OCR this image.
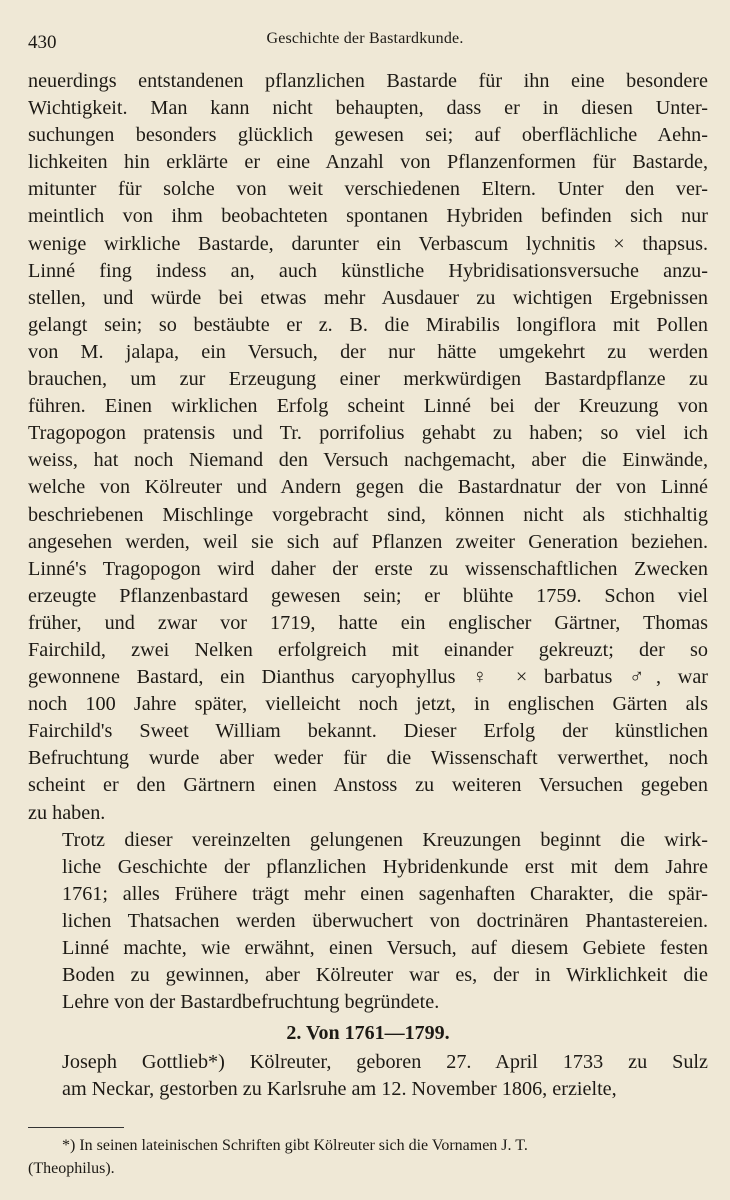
430	Geschichte der Bastardkunde.
neuerdings entstandenen pflanzlichen Bastarde für ihn eine besondere
Wichtigkeit. Man kann nicht behaupten, dass er in diesen Unter-
suchungen besonders glücklich gewesen sei; auf oberflächliche Aehn-
lichkeiten hin erklärte er eine Anzahl von Pflanzenformen für Bastarde,
mitunter für solche von weit verschiedenen Eltern. Unter den ver-
meintlich von ihm beobachteten spontanen Hybriden befinden sich nur
wenige wirkliche Bastarde, darunter ein Verbascum lychnitis × thapsus.
Linné fing indess an, auch künstliche Hybridisationsversuche anzu-
stellen, und würde bei etwas mehr Ausdauer zu wichtigen Ergebnissen
gelangt sein; so bestäubte er z. B. die Mirabilis longiflora mit Pollen
von M. jalapa, ein Versuch, der nur hätte umgekehrt zu werden
brauchen, um zur Erzeugung einer merkwürdigen Bastardpflanze zu
führen. Einen wirklichen Erfolg scheint Linné bei der Kreuzung von
Tragopogon pratensis und Tr. porrifolius gehabt zu haben; so viel ich
weiss, hat noch Niemand den Versuch nachgemacht, aber die Einwände,
welche von Kölreuter und Andern gegen die Bastardnatur der von Linné
beschriebenen Mischlinge vorgebracht sind, können nicht als stichhaltig
angesehen werden, weil sie sich auf Pflanzen zweiter Generation beziehen.
Linné's Tragopogon wird daher der erste zu wissenschaftlichen Zwecken
erzeugte Pflanzenbastard gewesen sein; er blühte 1759. Schon viel
früher, und zwar vor 1719, hatte ein englischer Gärtner, Thomas
Fairchild, zwei Nelken erfolgreich mit einander gekreuzt; der so
gewonnene Bastard, ein Dianthus caryophyllus ♀ × barbatus ♂, war
noch 100 Jahre später, vielleicht noch jetzt, in englischen Gärten als
Fairchild's Sweet William bekannt. Dieser Erfolg der künstlichen
Befruchtung wurde aber weder für die Wissenschaft verwerthet, noch
scheint er den Gärtnern einen Anstoss zu weiteren Versuchen gegeben
zu haben.
Trotz dieser vereinzelten gelungenen Kreuzungen beginnt die wirk-
liche Geschichte der pflanzlichen Hybridenkunde erst mit dem Jahre
1761; alles Frühere trägt mehr einen sagenhaften Charakter, die spär-
lichen Thatsachen werden überwuchert von doctrinären Phantastereien.
Linné machte, wie erwähnt, einen Versuch, auf diesem Gebiete festen
Boden zu gewinnen, aber Kölreuter war es, der in Wirklichkeit die
Lehre von der Bastardbefruchtung begründete.
2. Von 1761—1799.
Joseph Gottlieb*) Kölreuter, geboren 27. April 1733 zu Sulz
am Neckar, gestorben zu Karlsruhe am 12. November 1806, erzielte,
*) In seinen lateinischen Schriften gibt Kölreuter sich die Vornamen J. T.
(Theophilus).
